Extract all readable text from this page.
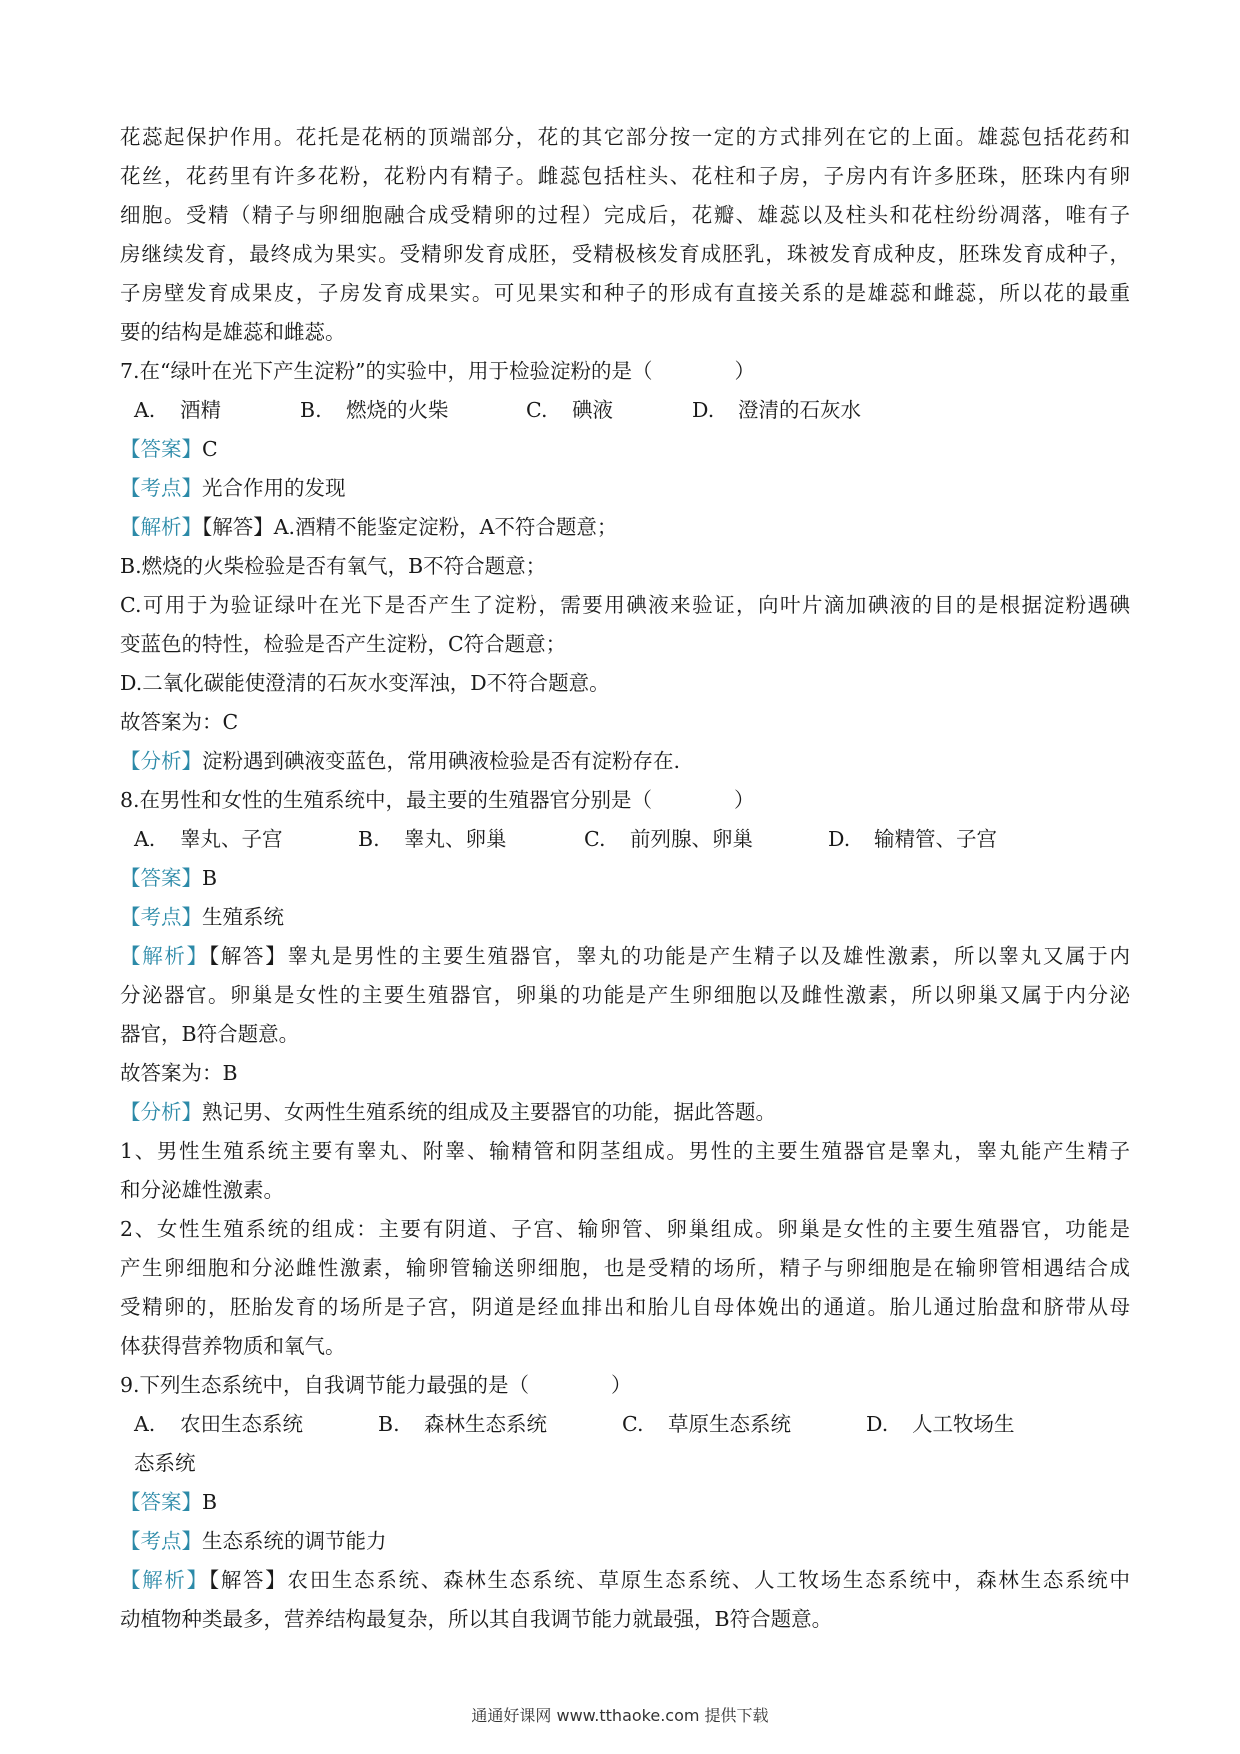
花蕊起保护作用。花托是花柄的顶端部分，花的其它部分按一定的方式排列在它的上面。雄蕊包括花药和
花丝，花药里有许多花粉，花粉内有精子。雌蕊包括柱头、花柱和子房，子房内有许多胚珠，胚珠内有卵
细胞。受精（精子与卵细胞融合成受精卵的过程）完成后，花瓣、雄蕊以及柱头和花柱纷纷凋落，唯有子
房继续发育，最终成为果实。受精卵发育成胚，受精极核发育成胚乳，珠被发育成种皮，胚珠发育成种子，
子房壁发育成果皮，子房发育成果实。可见果实和种子的形成有直接关系的是雄蕊和雌蕊，所以花的最重
要的结构是雄蕊和雌蕊。
7.在“绿叶在光下产生淀粉”的实验中，用于检验淀粉的是（　　　　）
A. 酒精	B. 燃烧的火柴	C. 碘液	D. 澄清的石灰水
【答案】C
【考点】光合作用的发现
【解析】【解答】A.酒精不能鉴定淀粉，A不符合题意；
B.燃烧的火柴检验是否有氧气，B不符合题意；
C.可用于为验证绿叶在光下是否产生了淀粉，需要用碘液来验证，向叶片滴加碘液的目的是根据淀粉遇碘
变蓝色的特性，检验是否产生淀粉，C符合题意；
D.二氧化碳能使澄清的石灰水变浑浊，D不符合题意。
故答案为：C
【分析】淀粉遇到碘液变蓝色，常用碘液检验是否有淀粉存在.
8.在男性和女性的生殖系统中，最主要的生殖器官分别是（　　　　）
A. 睾丸、子宫	B. 睾丸、卵巢	C. 前列腺、卵巢	D. 输精管、子宫
【答案】B
【考点】生殖系统
【解析】【解答】睾丸是男性的主要生殖器官，睾丸的功能是产生精子以及雄性激素，所以睾丸又属于内
分泌器官。卵巢是女性的主要生殖器官，卵巢的功能是产生卵细胞以及雌性激素，所以卵巢又属于内分泌
器官，B符合题意。
故答案为：B
【分析】熟记男、女两性生殖系统的组成及主要器官的功能，据此答题。
1、男性生殖系统主要有睾丸、附睾、输精管和阴茎组成。男性的主要生殖器官是睾丸，睾丸能产生精子
和分泌雄性激素。
2、女性生殖系统的组成：主要有阴道、子宫、输卵管、卵巢组成。卵巢是女性的主要生殖器官，功能是
产生卵细胞和分泌雌性激素，输卵管输送卵细胞，也是受精的场所，精子与卵细胞是在输卵管相遇结合成
受精卵的，胚胎发育的场所是子宫，阴道是经血排出和胎儿自母体娩出的通道。胎儿通过胎盘和脐带从母
体获得营养物质和氧气。
9.下列生态系统中，自我调节能力最强的是（　　　　）
A. 农田生态系统	B. 森林生态系统	C. 草原生态系统	D. 人工牧场生
态系统
【答案】B
【考点】生态系统的调节能力
【解析】【解答】农田生态系统、森林生态系统、草原生态系统、人工牧场生态系统中，森林生态系统中
动植物种类最多，营养结构最复杂，所以其自我调节能力就最强，B符合题意。
通通好课网 www.tthaoke.com 提供下载
